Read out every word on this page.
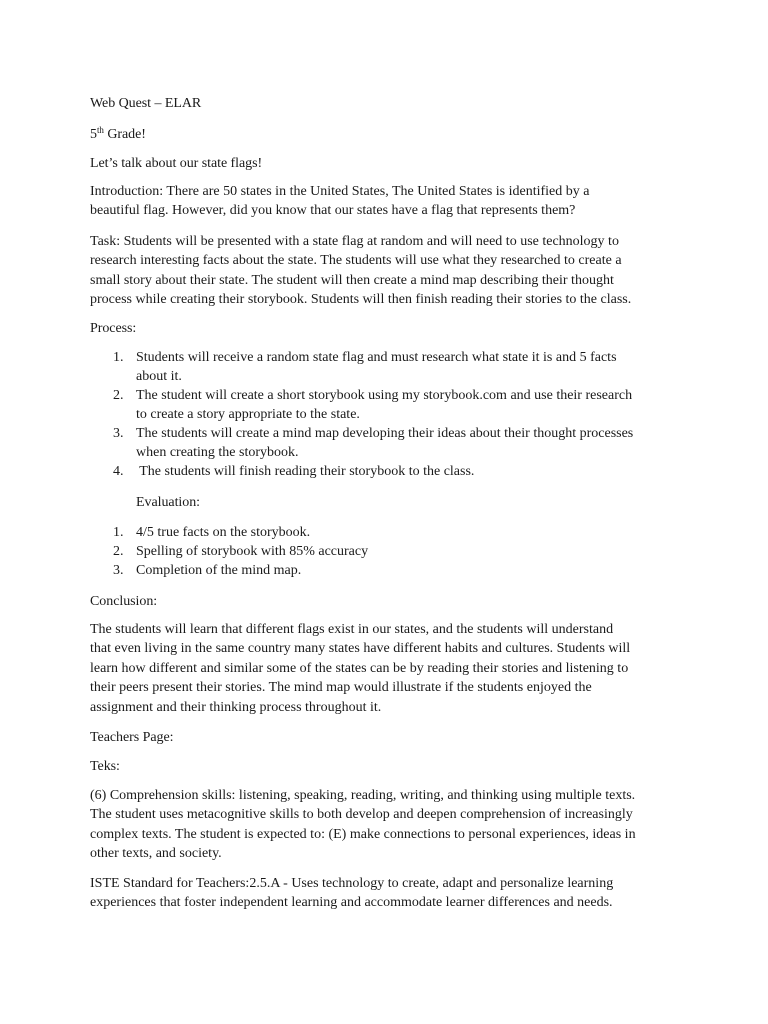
Web Quest – ELAR
5th Grade!
Let’s talk about our state flags!
Introduction: There are 50 states in the United States, The United States is identified by a
beautiful flag. However, did you know that our states have a flag that represents them?
Task: Students will be presented with a state flag at random and will need to use technology to
research interesting facts about the state. The students will use what they researched to create a
small story about their state. The student will then create a mind map describing their thought
process while creating their storybook. Students will then finish reading their stories to the class.
Process:
1. Students will receive a random state flag and must research what state it is and 5 facts
about it.
2. The student will create a short storybook using my storybook.com and use their research
to create a story appropriate to the state.
3. The students will create a mind map developing their ideas about their thought processes
when creating the storybook.
4. The students will finish reading their storybook to the class.
Evaluation:
1. 4/5 true facts on the storybook.
2. Spelling of storybook with 85% accuracy
3. Completion of the mind map.
Conclusion:
The students will learn that different flags exist in our states, and the students will understand
that even living in the same country many states have different habits and cultures. Students will
learn how different and similar some of the states can be by reading their stories and listening to
their peers present their stories. The mind map would illustrate if the students enjoyed the
assignment and their thinking process throughout it.
Teachers Page:
Teks:
(6) Comprehension skills: listening, speaking, reading, writing, and thinking using multiple texts.
The student uses metacognitive skills to both develop and deepen comprehension of increasingly
complex texts. The student is expected to: (E) make connections to personal experiences, ideas in
other texts, and society.
ISTE Standard for Teachers:2.5.A - Uses technology to create, adapt and personalize learning
experiences that foster independent learning and accommodate learner differences and needs.
